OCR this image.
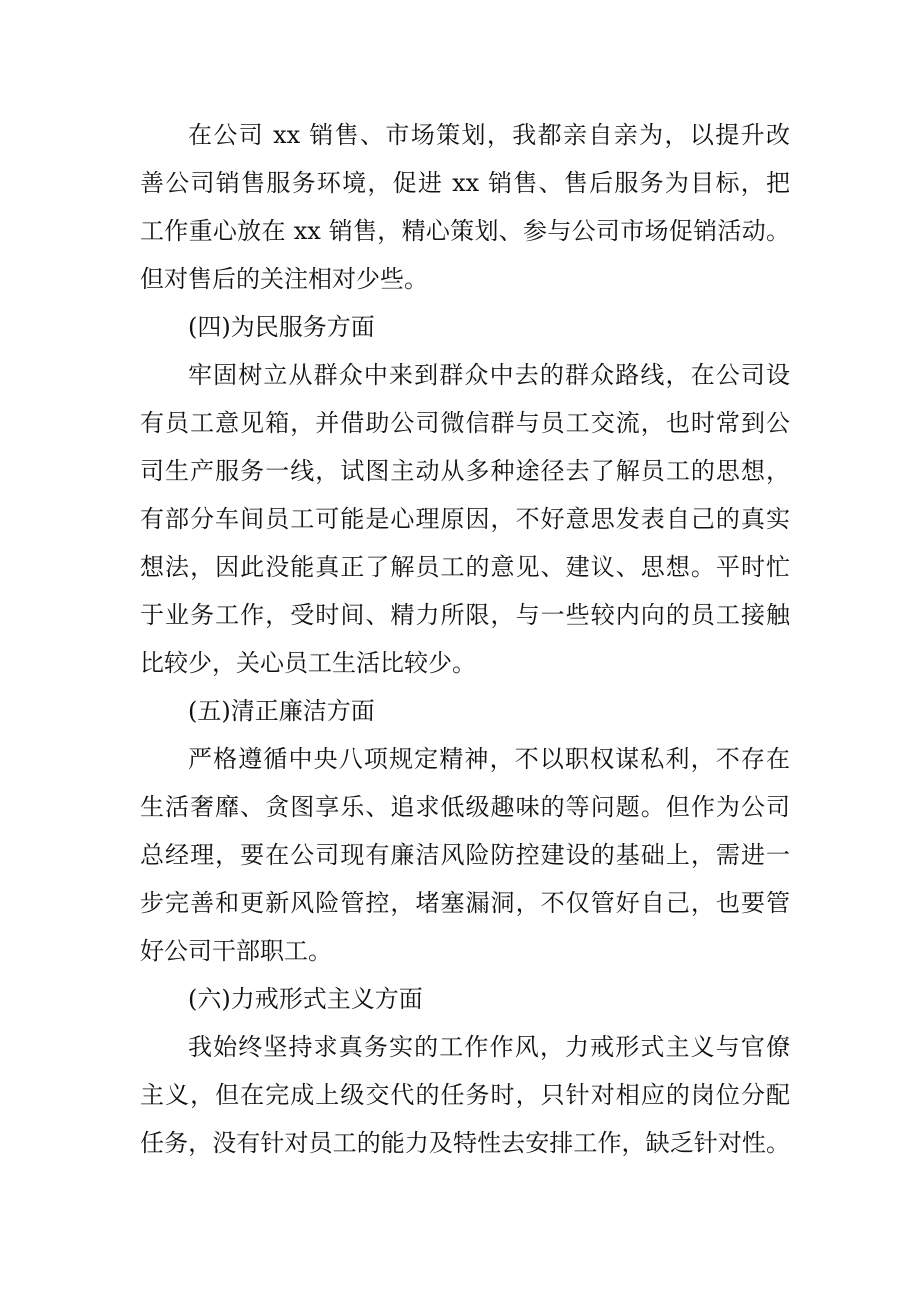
在公司 xx 销售、市场策划，我都亲自亲为，以提升改
善公司销售服务环境，促进 xx 销售、售后服务为目标，把
工作重心放在 xx 销售，精心策划、参与公司市场促销活动。
但对售后的关注相对少些。
(四)为民服务方面
牢固树立从群众中来到群众中去的群众路线，在公司设
有员工意见箱，并借助公司微信群与员工交流，也时常到公
司生产服务一线，试图主动从多种途径去了解员工的思想，
有部分车间员工可能是心理原因，不好意思发表自己的真实
想法，因此没能真正了解员工的意见、建议、思想。平时忙
于业务工作，受时间、精力所限，与一些较内向的员工接触
比较少，关心员工生活比较少。
(五)清正廉洁方面
严格遵循中央八项规定精神，不以职权谋私利，不存在
生活奢靡、贪图享乐、追求低级趣味的等问题。但作为公司
总经理，要在公司现有廉洁风险防控建设的基础上，需进一
步完善和更新风险管控，堵塞漏洞，不仅管好自己，也要管
好公司干部职工。
(六)力戒形式主义方面
我始终坚持求真务实的工作作风，力戒形式主义与官僚
主义，但在完成上级交代的任务时，只针对相应的岗位分配
任务，没有针对员工的能力及特性去安排工作，缺乏针对性。
